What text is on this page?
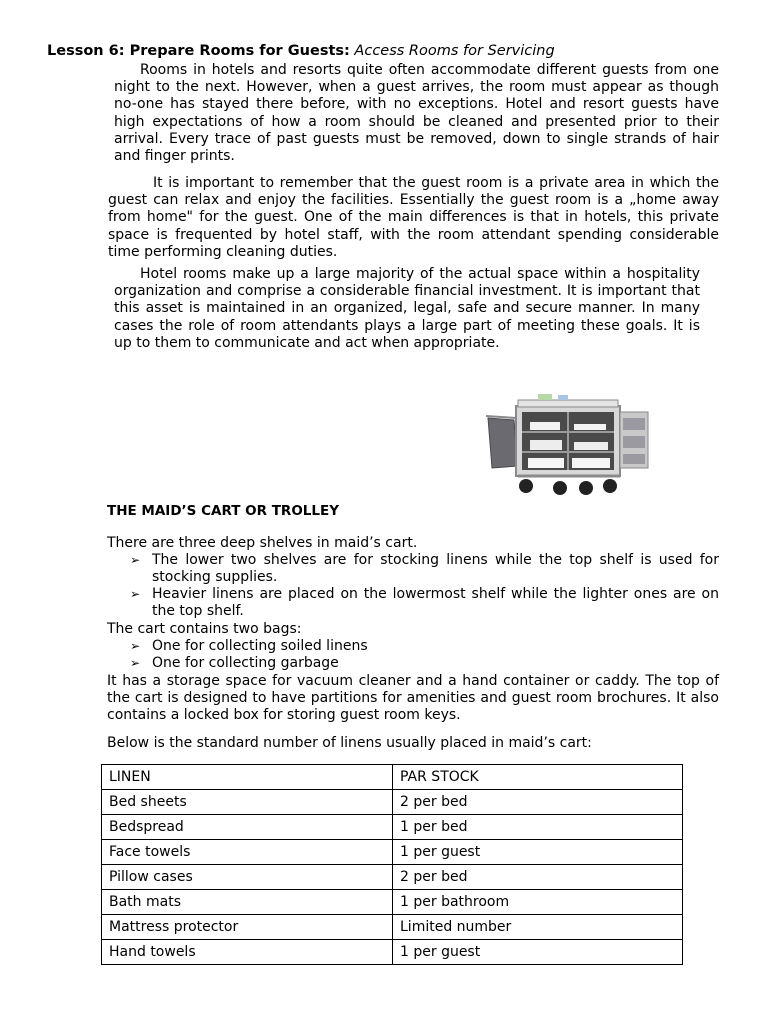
Lesson 6: Prepare Rooms for Guests: Access Rooms for Servicing

Rooms in hotels and resorts quite often accommodate different guests from one night to the next. However, when a guest arrives, the room must appear as though no-one has stayed there before, with no exceptions. Hotel and resort guests have high expectations of how a room should be cleaned and presented prior to their arrival. Every trace of past guests must be removed, down to single strands of hair and finger prints.

It is important to remember that the guest room is a private area in which the guest can relax and enjoy the facilities. Essentially the guest room is a „home away from home" for the guest. One of the main differences is that in hotels, this private space is frequented by hotel staff, with the room attendant spending considerable time performing cleaning duties.

Hotel rooms make up a large majority of the actual space within a hospitality organization and comprise a considerable financial investment. It is important that this asset is maintained in an organized, legal, safe and secure manner. In many cases the role of room attendants plays a large part of meeting these goals. It is up to them to communicate and act when appropriate.

THE MAID’S CART OR TROLLEY

There are three deep shelves in maid’s cart.

➢ The lower two shelves are for stocking linens while the top shelf is used for stocking supplies.
➢ Heavier linens are placed on the lowermost shelf while the lighter ones are on the top shelf.

The cart contains two bags:

➢ One for collecting soiled linens
➢ One for collecting garbage

It has a storage space for vacuum cleaner and a hand container or caddy. The top of the cart is designed to have partitions for amenities and guest room brochures. It also contains a locked box for storing guest room keys.

Below is the standard number of linens usually placed in maid’s cart:

LINEN	PAR STOCK
Bed sheets	2 per bed
Bedspread	1 per bed
Face towels	1 per guest
Pillow cases	2 per bed
Bath mats	1 per bathroom
Mattress protector	Limited number
Hand towels	1 per guest
